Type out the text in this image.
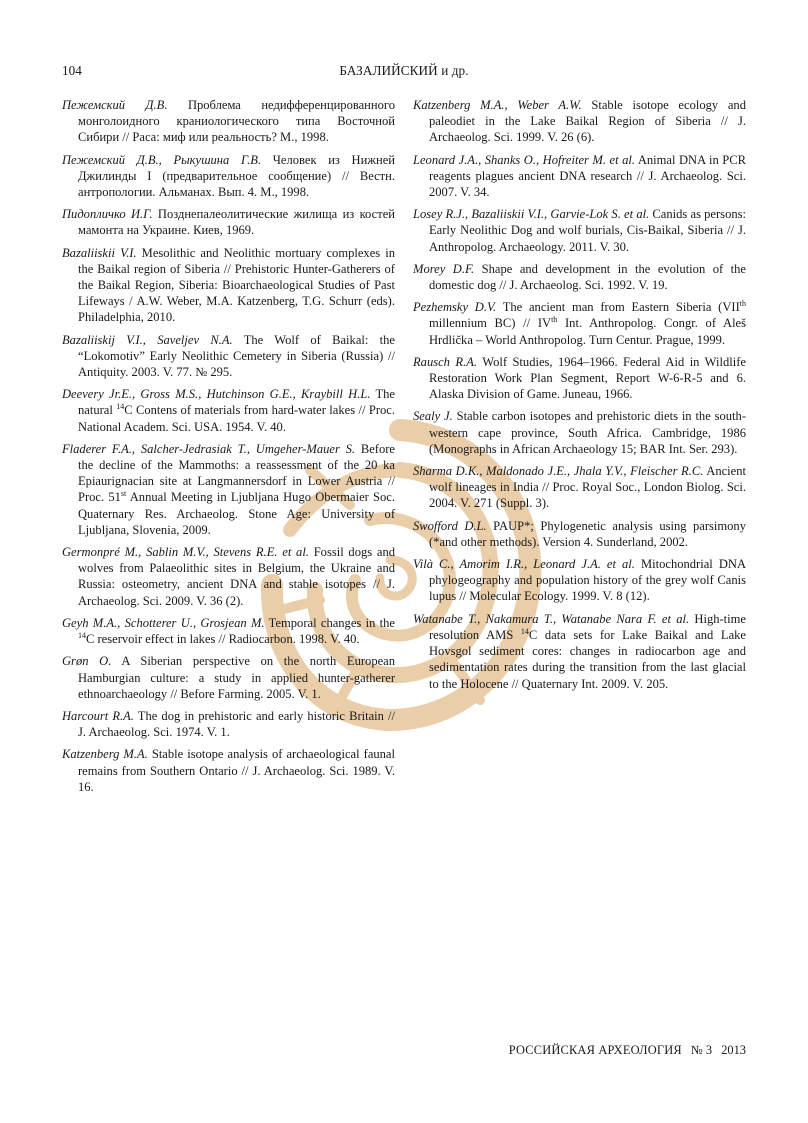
104	БАЗАЛИЙСКИЙ и др.

Пежемский Д.В. Проблема недифференцированного монголоидного краниологического типа Восточной Сибири // Раса: миф или реальность? М., 1998.

Пежемский Д.В., Рыкушина Г.В. Человек из Нижней Джилинды I (предварительное сообщение) // Вестн. антропологии. Альманах. Вып. 4. М., 1998.

Пидопличко И.Г. Позднепалеолитические жилища из костей мамонта на Украине. Киев, 1969.

Bazaliiskii V.I. Mesolithic and Neolithic mortuary complexes in the Baikal region of Siberia // Prehistoric Hunter-Gatherers of the Baikal Region, Siberia: Bioarchaeological Studies of Past Lifeways / A.W. Weber, M.A. Katzenberg, T.G. Schurr (eds). Philadelphia, 2010.

Bazaliiskij V.I., Saveljev N.A. The Wolf of Baikal: the “Lokomotiv” Early Neolithic Cemetery in Siberia (Russia) // Antiquity. 2003. V. 77. № 295.

Deevery Jr.E., Gross M.S., Hutchinson G.E., Kraybill H.L. The natural $^{14}$C Contens of materials from hard-water lakes // Proc. National Academ. Sci. USA. 1954. V. 40.

Fladerer F.A., Salcher-Jedrasiak T., Umgeher-Mauer S. Before the decline of the Mammoths: a reassessment of the 20 ka Epiaurignacian site at Langmannersdorf in Lower Austria // Proc. 51st Annual Meeting in Ljubljana Hugo Obermaier Soc. Quaternary Res. Archaeolog. Stone Age: University of Ljubljana, Slovenia, 2009.

Germonpré M., Sablin M.V., Stevens R.E. et al. Fossil dogs and wolves from Palaeolithic sites in Belgium, the Ukraine and Russia: osteometry, ancient DNA and stable isotopes // J. Archaeolog. Sci. 2009. V. 36 (2).

Geyh M.A., Schotterer U., Grosjean M. Temporal changes in the $^{14}$C reservoir effect in lakes // Radiocarbon. 1998. V. 40.

Grøn O. A Siberian perspective on the north European Hamburgian culture: a study in applied hunter-gatherer ethnoarchaeology // Before Farming. 2005. V. 1.

Harcourt R.A. The dog in prehistoric and early historic Britain // J. Archaeolog. Sci. 1974. V. 1.

Katzenberg M.A. Stable isotope analysis of archaeological faunal remains from Southern Ontario // J. Archaeolog. Sci. 1989. V. 16.

Katzenberg M.A., Weber A.W. Stable isotope ecology and paleodiet in the Lake Baikal Region of Siberia // J. Archaeolog. Sci. 1999. V. 26 (6).

Leonard J.A., Shanks O., Hofreiter M. et al. Animal DNA in PCR reagents plagues ancient DNA research // J. Archaeolog. Sci. 2007. V. 34.

Losey R.J., Bazaliiskii V.I., Garvie-Lok S. et al. Canids as persons: Early Neolithic Dog and wolf burials, Cis-Baikal, Siberia // J. Anthropolog. Archaeology. 2011. V. 30.

Morey D.F. Shape and development in the evolution of the domestic dog // J. Archaeolog. Sci. 1992. V. 19.

Pezhemsky D.V. The ancient man from Eastern Siberia (VIIth millennium BC) // IVth Int. Anthropolog. Congr. of Aleš Hrdlička – World Anthropolog. Turn Centur. Prague, 1999.

Rausch R.A. Wolf Studies, 1964–1966. Federal Aid in Wildlife Restoration Work Plan Segment, Report W-6-R-5 and 6. Alaska Division of Game. Juneau, 1966.

Sealy J. Stable carbon isotopes and prehistoric diets in the south-western cape province, South Africa. Cambridge, 1986 (Monographs in African Archaeology 15; BAR Int. Ser. 293).

Sharma D.K., Maldonado J.E., Jhala Y.V., Fleischer R.C. Ancient wolf lineages in India // Proc. Royal Soc., London Biolog. Sci. 2004. V. 271 (Suppl. 3).

Swofford D.L. PAUP*; Phylogenetic analysis using parsimony (*and other methods). Version 4. Sunderland, 2002.

Vilà C., Amorim I.R., Leonard J.A. et al. Mitochondrial DNA phylogeography and population history of the grey wolf Canis lupus // Molecular Ecology. 1999. V. 8 (12).

Watanabe T., Nakamura T., Watanabe Nara F. et al. High-time resolution AMS $^{14}$C data sets for Lake Baikal and Lake Hovsgol sediment cores: changes in radiocarbon age and sedimentation rates during the transition from the last glacial to the Holocene // Quaternary Int. 2009. V. 205.

РОССИЙСКАЯ АРХЕОЛОГИЯ № 3 2013
